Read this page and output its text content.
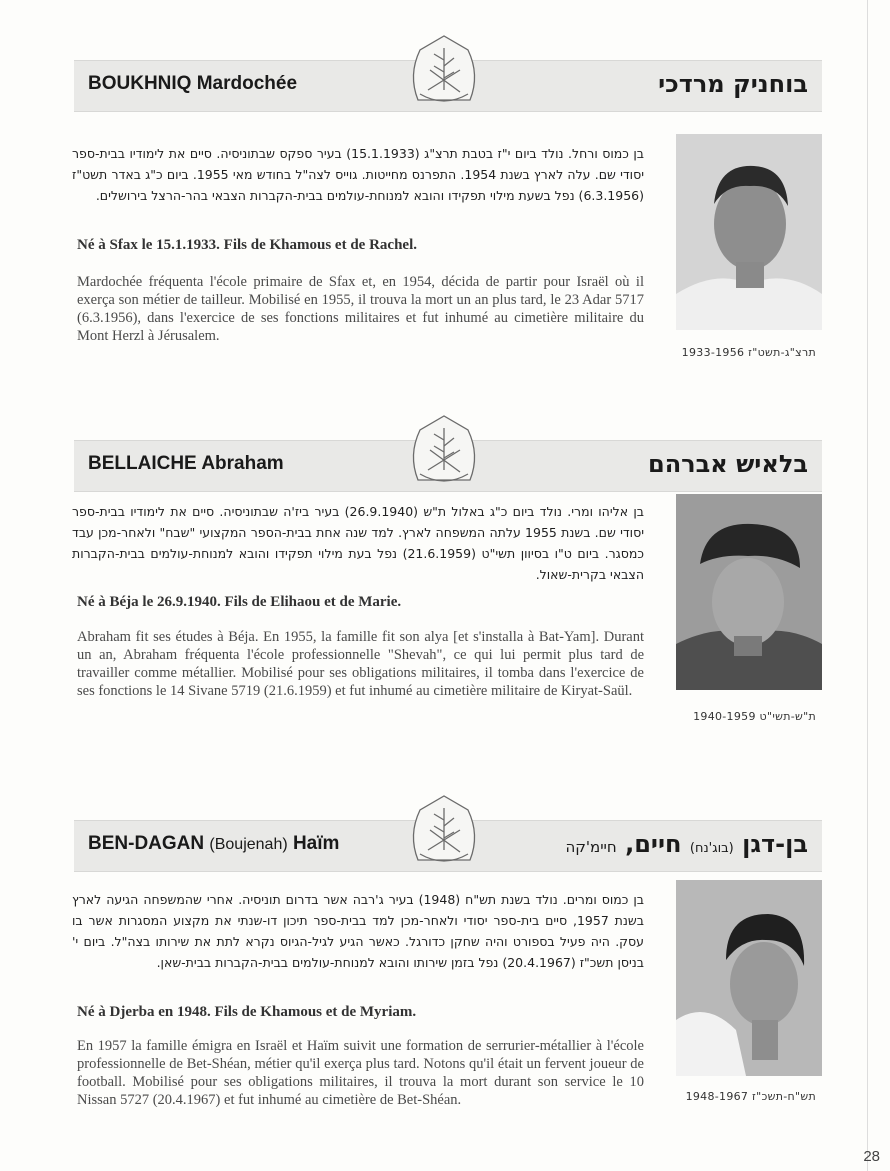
BOUKHNIQ Mardochée	בוחניק מרדכי

בן כמוס ורחל. נולד ביום י"ז בטבת תרצ"ג (15.1.1933) בעיר ספקס שבתוניסיה. סיים את לימודיו בבית-ספר יסודי שם. עלה לארץ בשנת 1954. התפרנס מחייטות. גוייס לצה"ל בחודש מאי 1955. ביום כ"ג באדר תשט"ז (6.3.1956) נפל בשעת מילוי תפקידו והובא למנוחת-עולמים בבית-הקברות הצבאי בהר-הרצל בירושלים.

Né à Sfax le 15.1.1933. Fils de Khamous et de Rachel.

Mardochée fréquenta l'école primaire de Sfax et, en 1954, décida de partir pour Israël où il exerça son métier de tailleur. Mobilisé en 1955, il trouva la mort un an plus tard, le 23 Adar 5717 (6.3.1956), dans l'exercice de ses fonctions militaires et fut inhumé au cimetière militaire du Mont Herzl à Jérusalem.

תרצ"ג-תשט"ז 1933-1956
BELLAICHE Abraham	בלאיש אברהם

בן אליהו ומרי. נולד ביום כ"ג באלול ת"ש (26.9.1940) בעיר ביז'ה שבתוניסיה. סיים את לימודיו בבית-ספר יסודי שם. בשנת 1955 עלתה המשפחה לארץ. למד שנה אחת בבית-הספר המקצועי "שבח" ולאחר-מכן עבד כמסגר. ביום ט"ו בסיוון תשי"ט (21.6.1959) נפל בעת מילוי תפקידו והובא למנוחת-עולמים בבית-הקברות הצבאי בקרית-שאול.

Né à Béja le 26.9.1940. Fils de Elihaou et de Marie.

Abraham fit ses études à Béja. En 1955, la famille fit son alya [et s'installa à Bat-Yam]. Durant un an, Abraham fréquenta l'école professionnelle "Shevah", ce qui lui permit plus tard de travailler comme métallier. Mobilisé pour ses obligations militaires, il tomba dans l'exercice de ses fonctions le 14 Sivane 5719 (21.6.1959) et fut inhumé au cimetière militaire de Kiryat-Saül.

ת"ש-תשי"ט 1940-1959
BEN-DAGAN (Boujenah) Haïm	בן-דגן (בוג'נח) חיים, חיימ'קה

בן כמוס ומרים. נולד בשנת תש"ח (1948) בעיר ג'רבה אשר בדרום תוניסיה. אחרי שהמשפחה הגיעה לארץ בשנת 1957, סיים בית-ספר יסודי ולאחר-מכן למד בבית-ספר תיכון דו-שנתי את מקצוע המסגרות אשר בו עסק. היה פעיל בספורט והיה שחקן כדורגל. כאשר הגיע לגיל-הגיוס נקרא לתת את שירותו בצה"ל. ביום י' בניסן תשכ"ז (20.4.1967) נפל בזמן שירותו והובא למנוחת-עולמים בבית-הקברות בבית-שאן.

Né à Djerba en 1948. Fils de Khamous et de Myriam.

En 1957 la famille émigra en Israël et Haïm suivit une formation de serrurier-métallier à l'école professionnelle de Bet-Shéan, métier qu'il exerça plus tard. Notons qu'il était un fervent joueur de football. Mobilisé pour ses obligations militaires, il trouva la mort durant son service le 10 Nissan 5727 (20.4.1967) et fut inhumé au cimetière de Bet-Shéan.	תש"ח-תשכ"ז 1948-1967
28
